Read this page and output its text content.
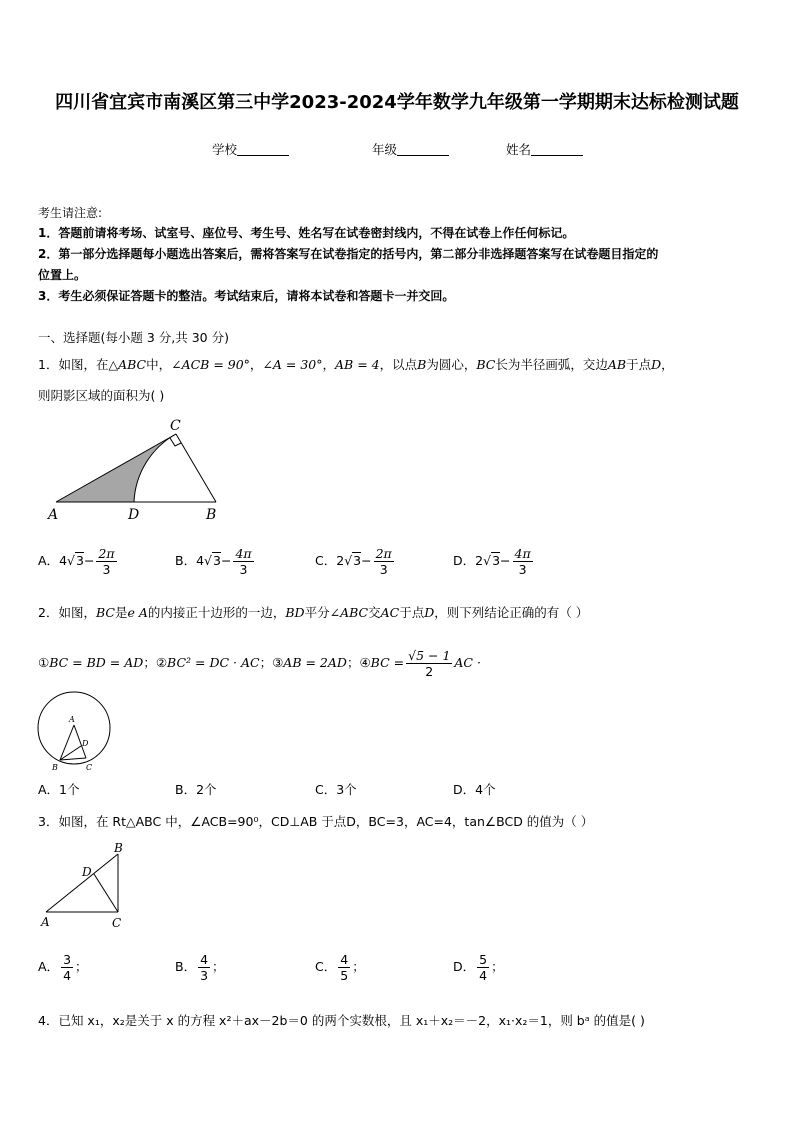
四川省宜宾市南溪区第三中学2023-2024学年数学九年级第一学期期末达标检测试题
学校	年级	姓名
考生请注意:
1．答题前请将考场、试室号、座位号、考生号、姓名写在试卷密封线内，不得在试卷上作任何标记。
2．第一部分选择题每小题选出答案后，需将答案写在试卷指定的括号内，第二部分非选择题答案写在试卷题目指定的
位置上。
3．考生必须保证答题卡的整洁。考试结束后，请将本试卷和答题卡一并交回。
一、选择题(每小题 3 分,共 30 分)
1．如图，在△ABC中，∠ACB = 90°，∠A = 30°，AB = 4，以点B为圆心，BC长为半径画弧，交边AB于点D，
则阴影区域的面积为( )
A	D	B
C
A．$4√3- \frac{2\pi}{3}$	B．$4√3- \frac{4\pi}{3}$	C．$2√3- \frac{2\pi}{3}$	D．$2√3- \frac{4\pi}{3}$
2．如图，BC是e A的内接正十边形的一边，BD平分∠ABC交AC于点D，则下列结论正确的有（ ）
①BC = BD = AD；②BC² = DC · AC；③AB = 2AD；④BC = $\frac{√5 - 1}{2}$ AC ·
A
D
B	C
A．1个	B．2个	C．3个	D．4个
3．如图，在 Rt△ABC 中，∠ACB=90⁰，CD⊥AB 于点D，BC=3，AC=4，tan∠BCD 的值为（ ）
A	C
B
D
A． $\frac{3}{4}$ ；	B． $\frac{4}{3}$ ；	C． $\frac{4}{5}$ ；	D． $\frac{5}{4}$ ；
4．已知 x₁，x₂是关于 x 的方程 x²＋ax－2b＝0 的两个实数根，且 x₁＋x₂＝－2，x₁·x₂＝1，则 bᵃ 的值是( )
